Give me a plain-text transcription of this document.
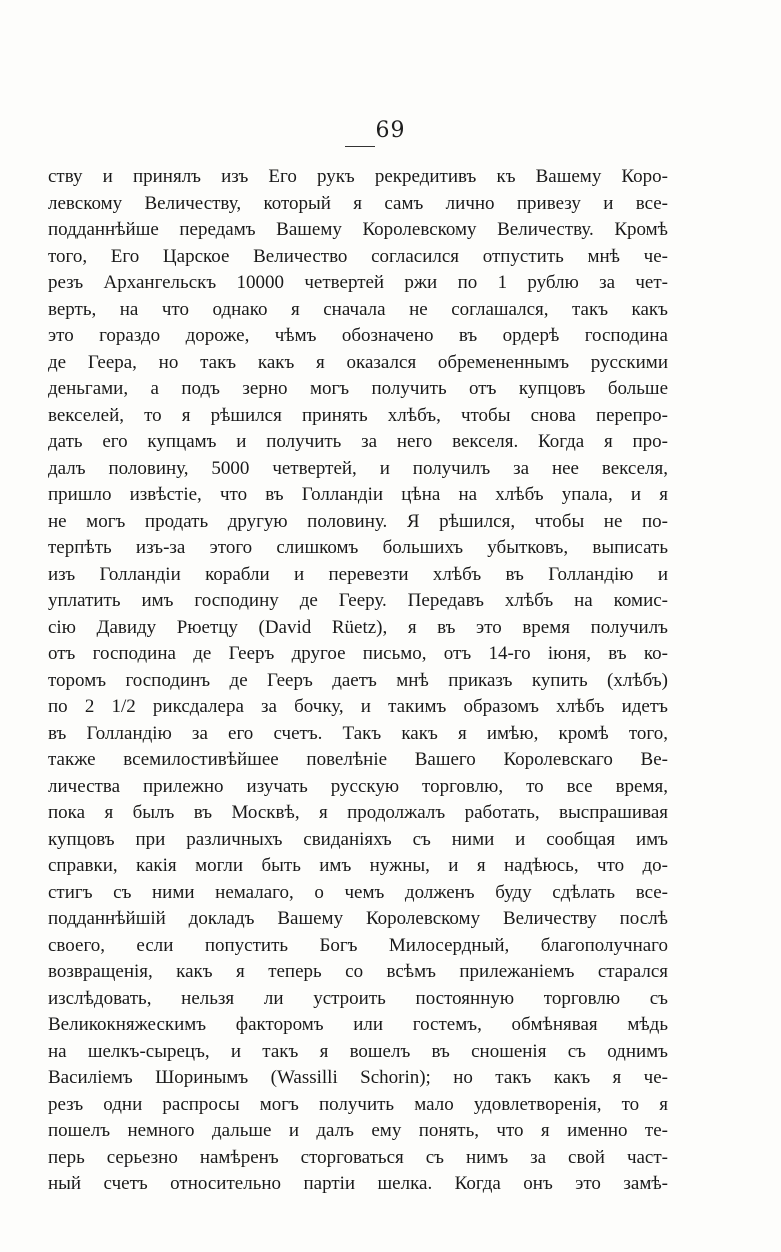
69
ству и принялъ изъ Его рукъ рекредитивъ къ Вашему Коро-
левскому Величеству, который я самъ лично привезу и все-
подданнѣйше передамъ Вашему Королевскому Величеству. Кромѣ
того, Его Царское Величество согласился отпустить мнѣ че-
резъ Архангельскъ 10000 четвертей ржи по 1 рублю за чет-
верть, на что однако я сначала не соглашался, такъ какъ
это гораздо дороже, чѣмъ обозначено въ ордерѣ господина
де Геера, но такъ какъ я оказался обремененнымъ русскими
деньгами, а подъ зерно могъ получить отъ купцовъ больше
векселей, то я рѣшился принять хлѣбъ, чтобы снова перепро-
дать его купцамъ и получить за него векселя. Когда я про-
далъ половину, 5000 четвертей, и получилъ за нее векселя,
пришло извѣстіе, что въ Голландіи цѣна на хлѣбъ упала, и я
не могъ продать другую половину. Я рѣшился, чтобы не по-
терпѣть изъ-за этого слишкомъ большихъ убытковъ, выписать
изъ Голландіи корабли и перевезти хлѣбъ въ Голландію и
уплатить имъ господину де Гееру. Передавъ хлѣбъ на комис-
сію Давиду Рюетцу (David Rüetz), я въ это время получилъ
отъ господина де Гееръ другое письмо, отъ 14-го іюня, въ ко-
торомъ господинъ де Гееръ даетъ мнѣ приказъ купить (хлѣбъ)
по 2 1/2 риксдалера за бочку, и такимъ образомъ хлѣбъ идетъ
въ Голландію за его счетъ. Такъ какъ я имѣю, кромѣ того,
также всемилостивѣйшее повелѣніе Вашего Королевскаго Ве-
личества прилежно изучать русскую торговлю, то все время,
пока я былъ въ Москвѣ, я продолжалъ работать, выспрашивая
купцовъ при различныхъ свиданіяхъ съ ними и сообщая имъ
справки, какія могли быть имъ нужны, и я надѣюсь, что до-
стигъ съ ними немалаго, о чемъ долженъ буду сдѣлать все-
подданнѣйшій докладъ Вашему Королевскому Величеству послѣ
своего, если попустить Богъ Милосердный, благополучнаго
возвращенія, какъ я теперь со всѣмъ прилежаніемъ старался
изслѣдовать, нельзя ли устроить постоянную торговлю съ
Великокняжескимъ факторомъ или гостемъ, обмѣнявая мѣдь
на шелкъ-сырецъ, и такъ я вошелъ въ сношенія съ однимъ
Василіемъ Шоринымъ (Wassilli Schorin); но такъ какъ я че-
резъ одни распросы могъ получить мало удовлетворенія, то я
пошелъ немного дальше и далъ ему понять, что я именно те-
перь серьезно намѣренъ сторговаться съ нимъ за свой част-
ный счетъ относительно партіи шелка. Когда онъ это замѣ-
